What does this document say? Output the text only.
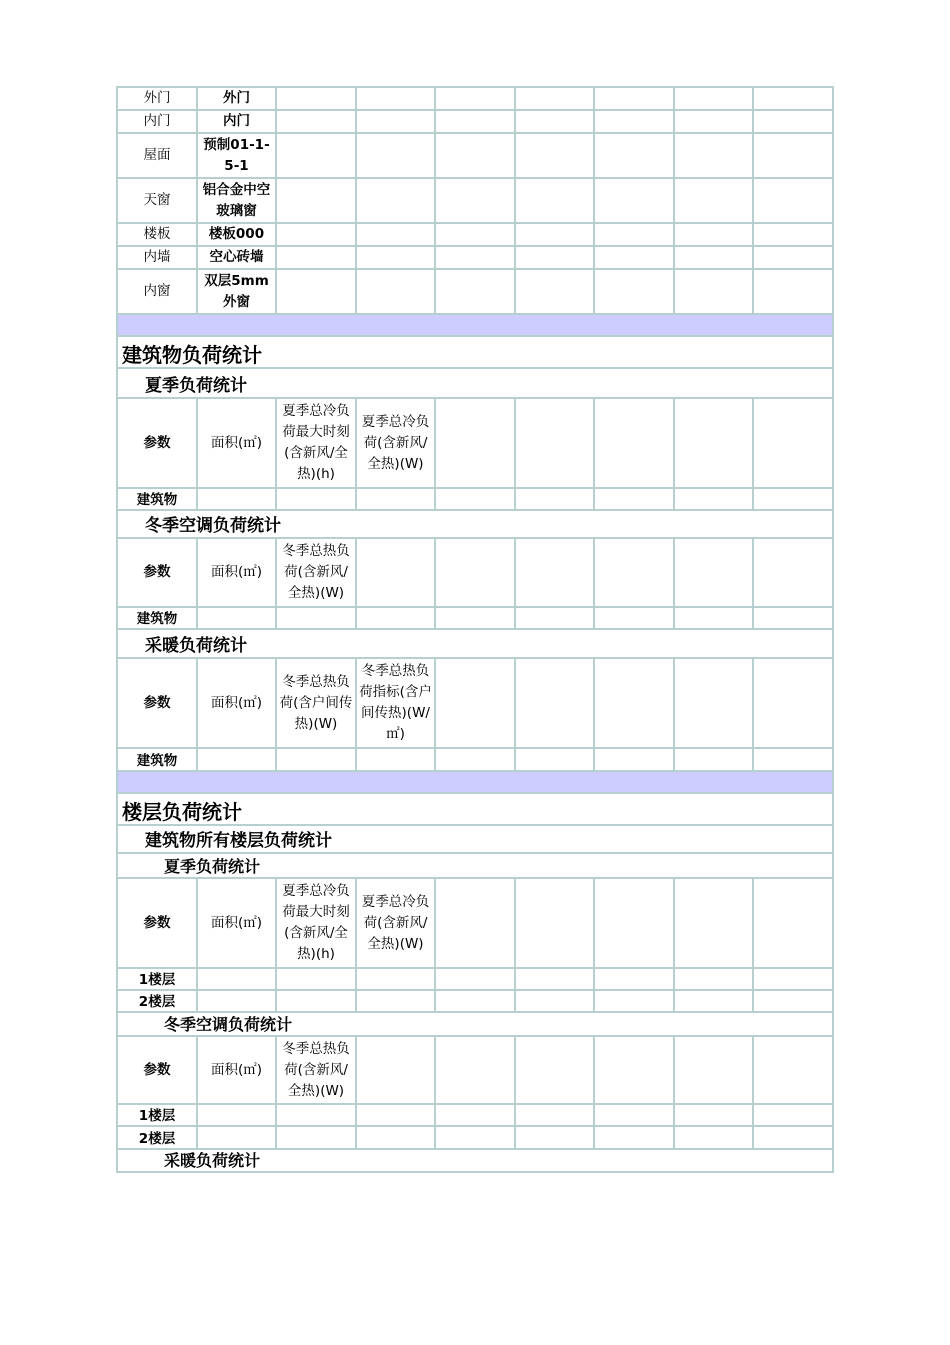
外门	外门							
内门	内门							
屋面	预制01-1-5-1							
天窗	铝合金中空玻璃窗							
楼板	楼板000							
内墙	空心砖墙							
内窗	双层5mm外窗							

建筑物负荷统计								
夏季负荷统计								
参数	面积(㎡)	夏季总冷负荷最大时刻(含新风/全热)(h)	夏季总冷负荷(含新风/全热)(W)					
建筑物								
冬季空调负荷统计								
参数	面积(㎡)	冬季总热负荷(含新风/全热)(W)						
建筑物								
采暖负荷统计								
参数	面积(㎡)	冬季总热负荷(含户间传热)(W)	冬季总热负荷指标(含户间传热)(W/㎡)					
建筑物								

楼层负荷统计								
建筑物所有楼层负荷统计								
夏季负荷统计								
参数	面积(㎡)	夏季总冷负荷最大时刻(含新风/全热)(h)	夏季总冷负荷(含新风/全热)(W)					
1楼层								
2楼层								
冬季空调负荷统计								
参数	面积(㎡)	冬季总热负荷(含新风/全热)(W)						
1楼层								
2楼层								
采暖负荷统计								
